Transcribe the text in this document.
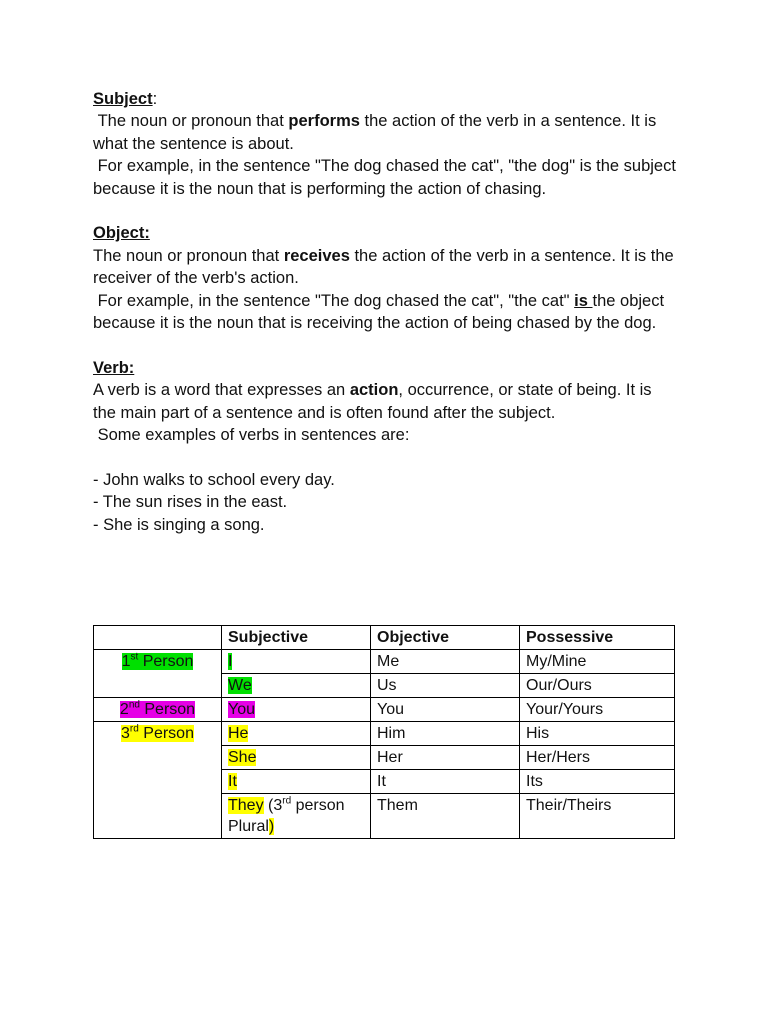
Subject:

The noun or pronoun that performs the action of the verb in a sentence. It is what the sentence is about.

For example, in the sentence "The dog chased the cat", "the dog" is the subject because it is the noun that is performing the action of chasing.

Object:

The noun or pronoun that receives the action of the verb in a sentence. It is the receiver of the verb's action.

For example, in the sentence "The dog chased the cat", "the cat" is the object because it is the noun that is receiving the action of being chased by the dog.

Verb:

A verb is a word that expresses an action, occurrence, or state of being. It is the main part of a sentence and is often found after the subject.

Some examples of verbs in sentences are:

- John walks to school every day.

- The sun rises in the east.

- She is singing a song.

	Subjective	Objective	Possessive
1st Person	I	Me	My/Mine
	We	Us	Our/Ours
2nd Person	You	You	Your/Yours
3rd Person	He	Him	His
	She	Her	Her/Hers
	It	It	Its
	They (3rd person Plural)	Them	Their/Theirs
